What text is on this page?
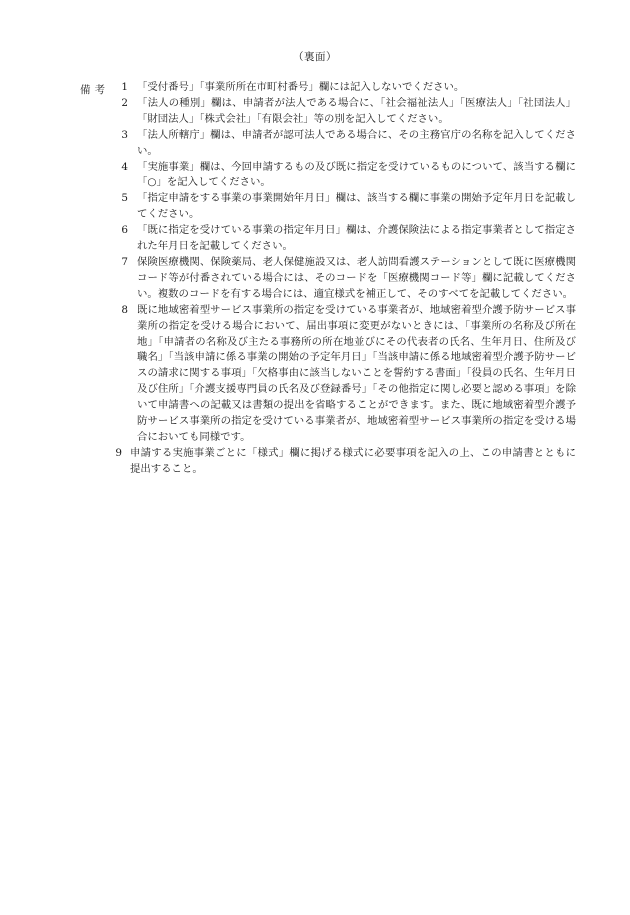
（裏面）
備考	1 「受付番号」「事業所所在市町村番号」欄には記入しないでください。
2 「法人の種別」欄は、申請者が法人である場合に、「社会福祉法人」「医療法人」「社団法人」「財団法人」「株式会社」「有限会社」等の別を記入してください。
3 「法人所轄庁」欄は、申請者が認可法人である場合に、その主務官庁の名称を記入してください。
4 「実施事業」欄は、今回申請するもの及び既に指定を受けているものについて、該当する欄に「○」を記入してください。
5 「指定申請をする事業の事業開始年月日」欄は、該当する欄に事業の開始予定年月日を記載してください。
6 「既に指定を受けている事業の指定年月日」欄は、介護保険法による指定事業者として指定された年月日を記載してください。
7 保険医療機関、保険薬局、老人保健施設又は、老人訪問看護ステーションとして既に医療機関コード等が付番されている場合には、そのコードを「医療機関コード等」欄に記載してください。複数のコードを有する場合には、適宜様式を補正して、そのすべてを記載してください。
8 既に地域密着型サービス事業所の指定を受けている事業者が、地域密着型介護予防サービス事業所の指定を受ける場合において、届出事項に変更がないときには、「事業所の名称及び所在地」「申請者の名称及び主たる事務所の所在地並びにその代表者の氏名、生年月日、住所及び職名」「当該申請に係る事業の開始の予定年月日」「当該申請に係る地域密着型介護予防サービスの請求に関する事項」「欠格事由に該当しないことを誓約する書面」「役員の氏名、生年月日及び住所」「介護支援専門員の氏名及び登録番号」「その他指定に関し必要と認める事項」を除いて申請書への記載又は書類の提出を省略することができます。また、既に地域密着型介護予防サービス事業所の指定を受けている事業者が、地域密着型サービス事業所の指定を受ける場合においても同様です。
9 申請する実施事業ごとに「様式」欄に掲げる様式に必要事項を記入の上、この申請書とともに提出すること。
